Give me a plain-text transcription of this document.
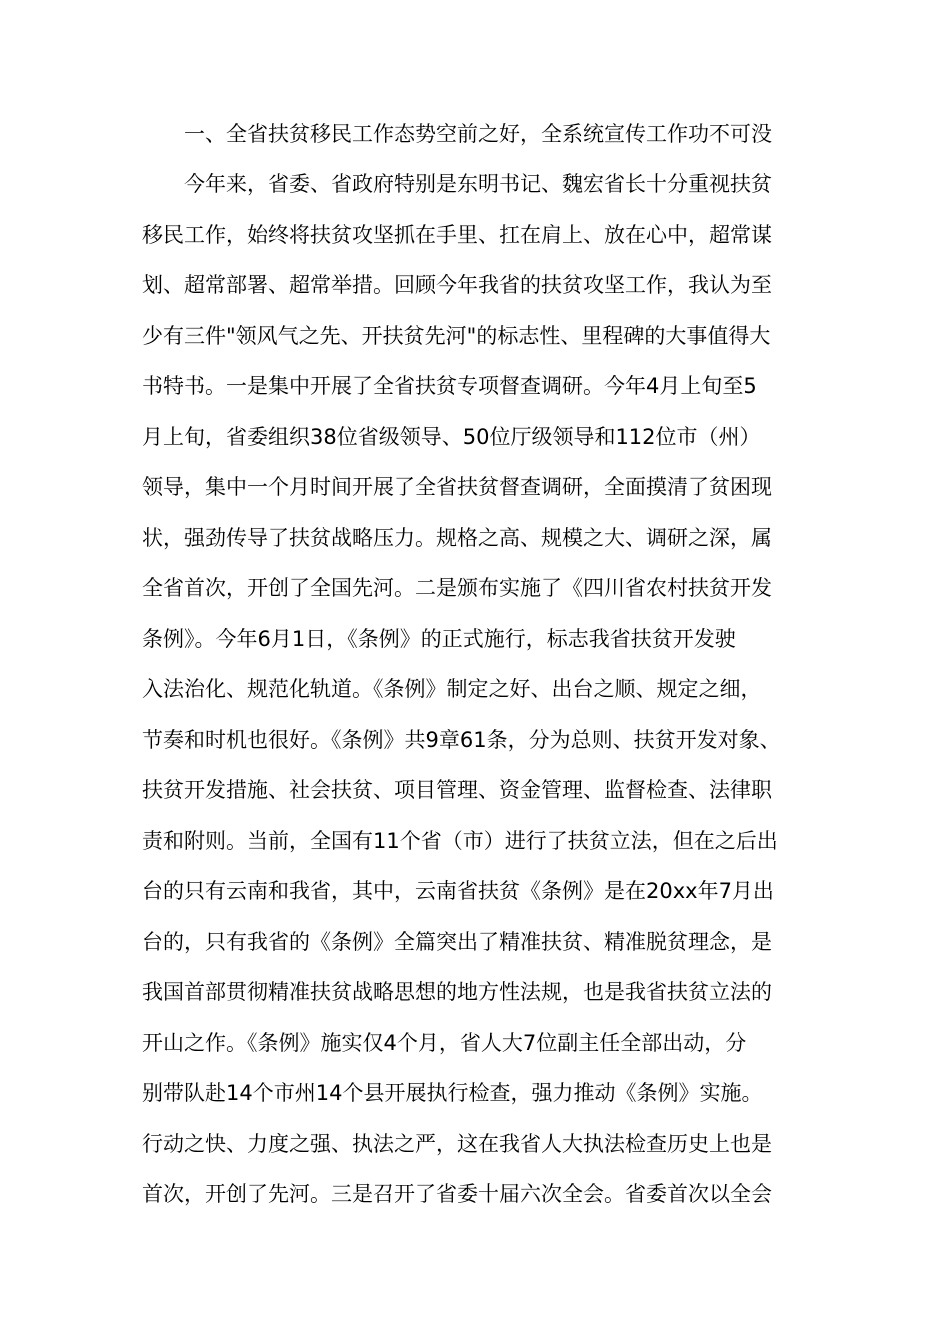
一、全省扶贫移民工作态势空前之好，全系统宣传工作功不可没
今年来，省委、省政府特别是东明书记、魏宏省长十分重视扶贫
移民工作，始终将扶贫攻坚抓在手里、扛在肩上、放在心中，超常谋
划、超常部署、超常举措。回顾今年我省的扶贫攻坚工作，我认为至
少有三件"领风气之先、开扶贫先河"的标志性、里程碑的大事值得大
书特书。一是集中开展了全省扶贫专项督查调研。今年4月上旬至5
月上旬，省委组织38位省级领导、50位厅级领导和112位市（州）
领导，集中一个月时间开展了全省扶贫督查调研，全面摸清了贫困现
状，强劲传导了扶贫战略压力。规格之高、规模之大、调研之深，属
全省首次，开创了全国先河。二是颁布实施了《四川省农村扶贫开发
条例》。今年6月1日，《条例》的正式施行，标志我省扶贫开发驶
入法治化、规范化轨道。《条例》制定之好、出台之顺、规定之细，
节奏和时机也很好。《条例》共9章61条，分为总则、扶贫开发对象、
扶贫开发措施、社会扶贫、项目管理、资金管理、监督检查、法律职
责和附则。当前，全国有11个省（市）进行了扶贫立法，但在之后出
台的只有云南和我省，其中，云南省扶贫《条例》是在20xx年7月出
台的，只有我省的《条例》全篇突出了精准扶贫、精准脱贫理念，是
我国首部贯彻精准扶贫战略思想的地方性法规，也是我省扶贫立法的
开山之作。《条例》施实仅4个月，省人大7位副主任全部出动，分
别带队赴14个市州14个县开展执行检查，强力推动《条例》实施。
行动之快、力度之强、执法之严，这在我省人大执法检查历史上也是
首次，开创了先河。三是召开了省委十届六次全会。省委首次以全会
